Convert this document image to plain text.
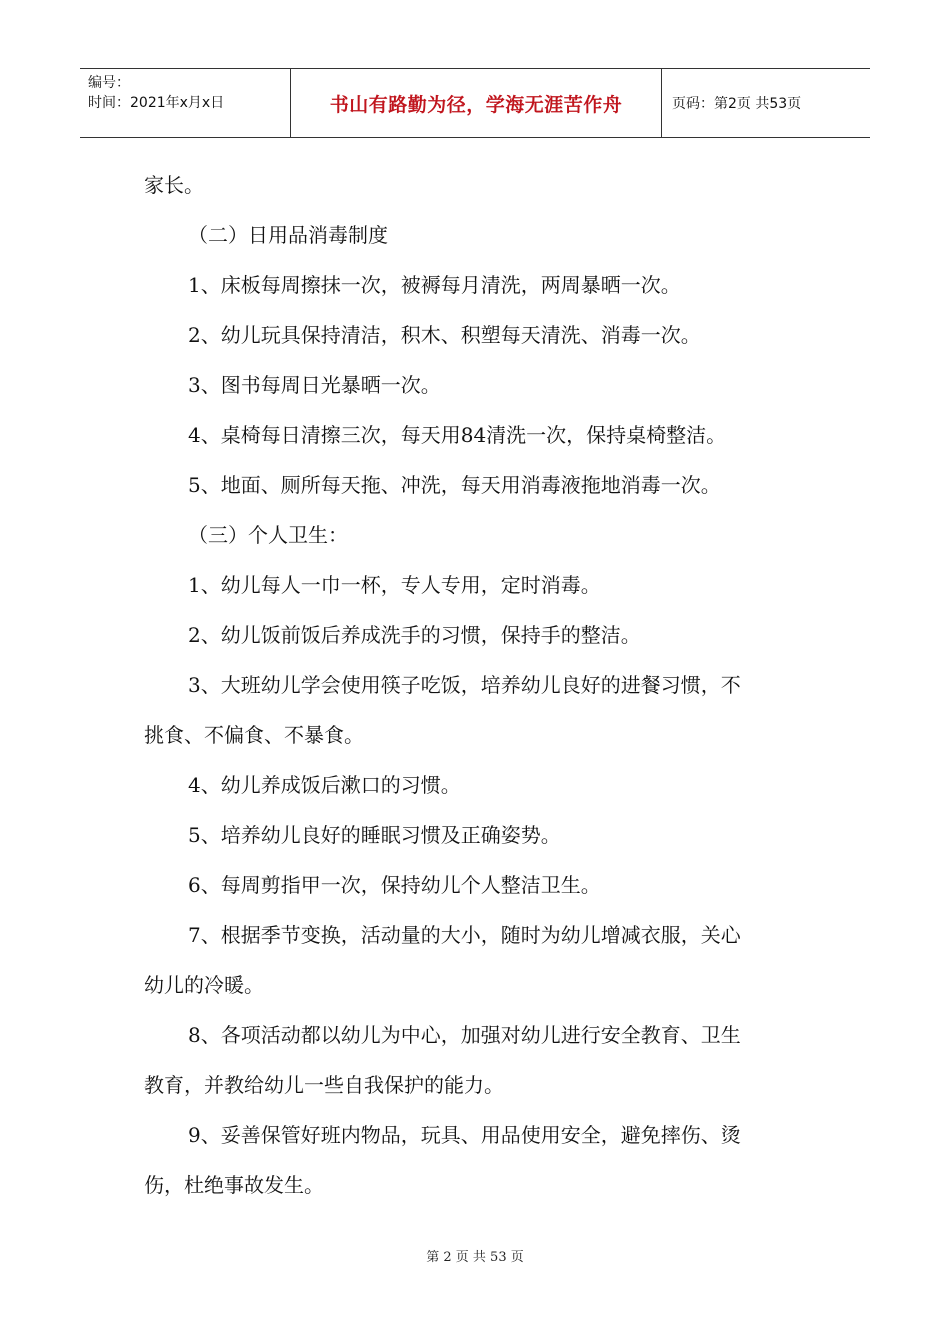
编号：
时间：2021年x月x日	书山有路勤为径，学海无涯苦作舟	页码：第2页 共53页
家长。
（二）日用品消毒制度
1、床板每周擦抹一次，被褥每月清洗，两周暴晒一次。
2、幼儿玩具保持清洁，积木、积塑每天清洗、消毒一次。
3、图书每周日光暴晒一次。
4、桌椅每日清擦三次，每天用84清洗一次，保持桌椅整洁。
5、地面、厕所每天拖、冲洗，每天用消毒液拖地消毒一次。
（三）个人卫生：
1、幼儿每人一巾一杯，专人专用，定时消毒。
2、幼儿饭前饭后养成洗手的习惯，保持手的整洁。
3、大班幼儿学会使用筷子吃饭，培养幼儿良好的进餐习惯，不
挑食、不偏食、不暴食。
4、幼儿养成饭后漱口的习惯。
5、培养幼儿良好的睡眠习惯及正确姿势。
6、每周剪指甲一次，保持幼儿个人整洁卫生。
7、根据季节变换，活动量的大小，随时为幼儿增减衣服，关心
幼儿的冷暖。
8、各项活动都以幼儿为中心，加强对幼儿进行安全教育、卫生
教育，并教给幼儿一些自我保护的能力。
9、妥善保管好班内物品，玩具、用品使用安全，避免摔伤、烫
伤，杜绝事故发生。
第 2 页 共 53 页
